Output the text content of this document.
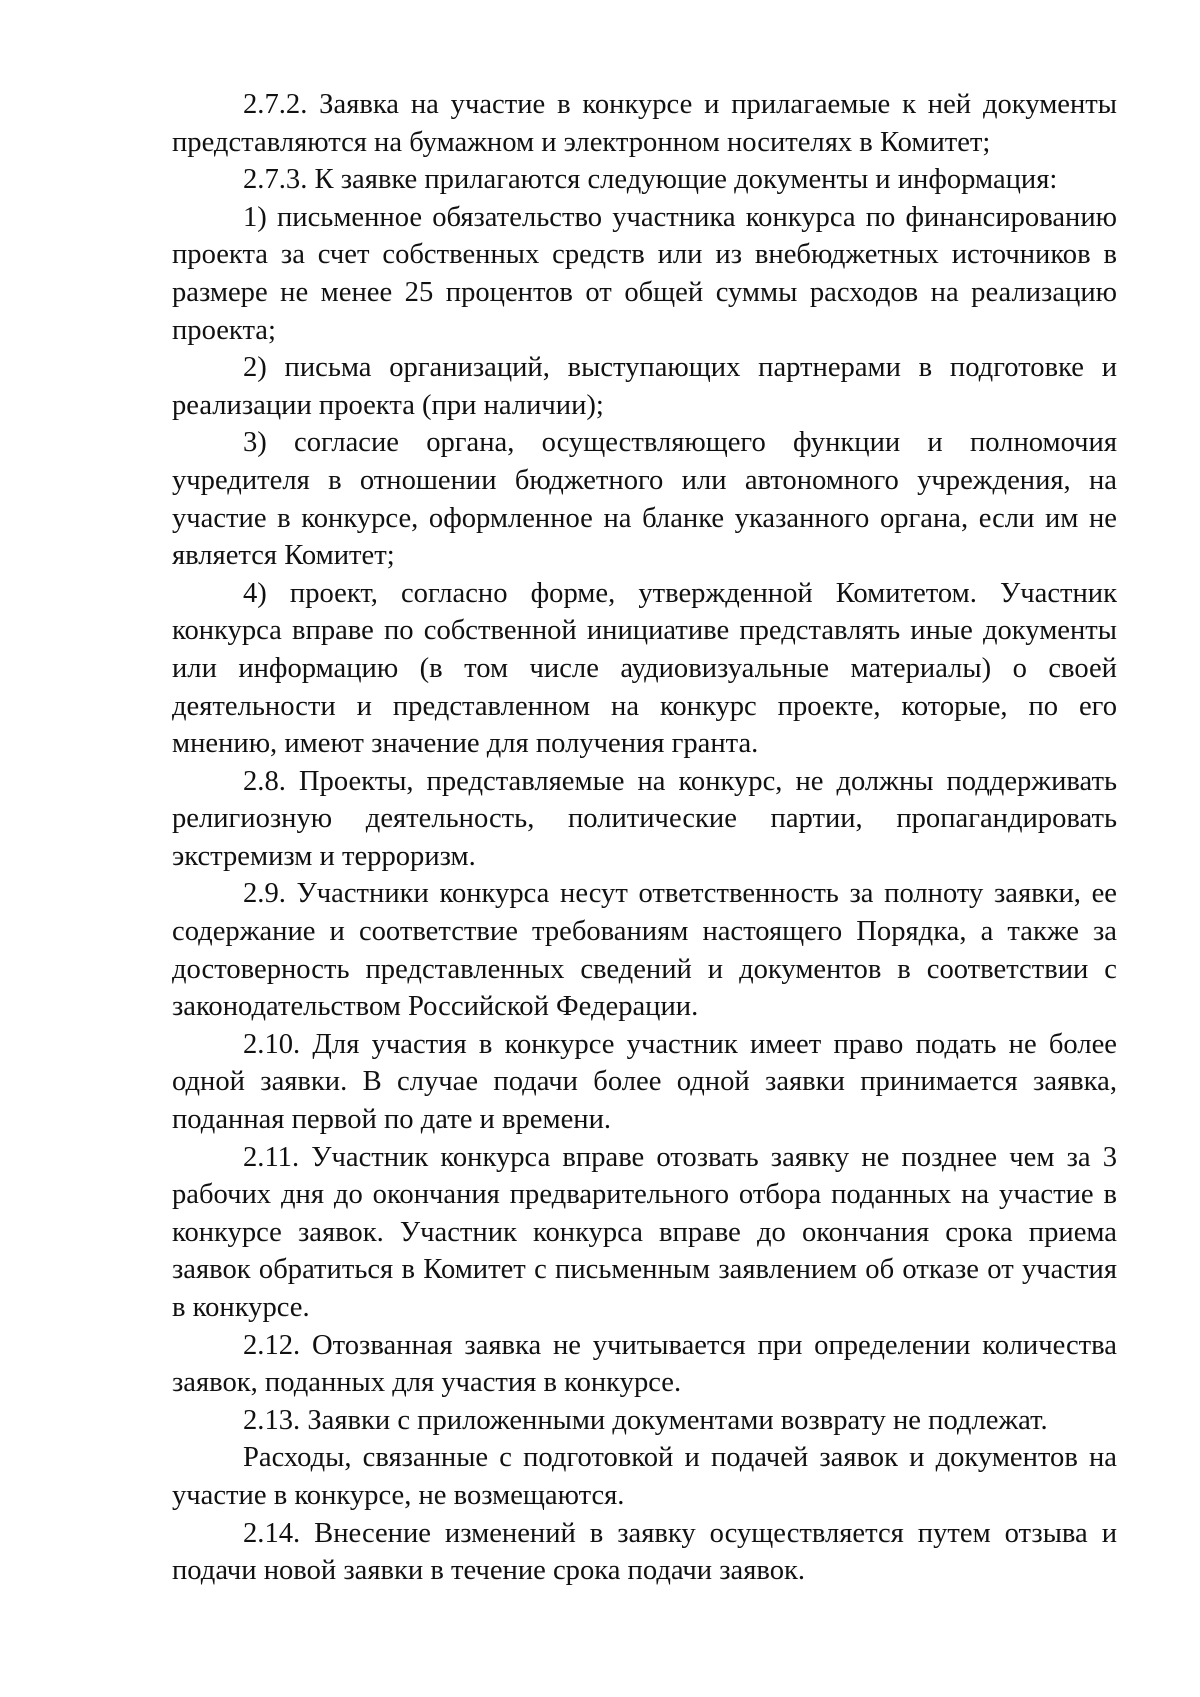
2.7.2. Заявка на участие в конкурсе и прилагаемые к ней документы представляются на бумажном и электронном носителях в Комитет;

2.7.3. К заявке прилагаются следующие документы и информация:

1) письменное обязательство участника конкурса по финансированию проекта за счет собственных средств или из внебюджетных источников в размере не менее 25 процентов от общей суммы расходов на реализацию проекта;

2) письма организаций, выступающих партнерами в подготовке и реализации проекта (при наличии);

3) согласие органа, осуществляющего функции и полномочия учредителя в отношении бюджетного или автономного учреждения, на участие в конкурсе, оформленное на бланке указанного органа, если им не является Комитет;

4) проект, согласно форме, утвержденной Комитетом. Участник конкурса вправе по собственной инициативе представлять иные документы или информацию (в том числе аудиовизуальные материалы) о своей деятельности и представленном на конкурс проекте, которые, по его мнению, имеют значение для получения гранта.

2.8. Проекты, представляемые на конкурс, не должны поддерживать религиозную деятельность, политические партии, пропагандировать экстремизм и терроризм.

2.9. Участники конкурса несут ответственность за полноту заявки, ее содержание и соответствие требованиям настоящего Порядка, а также за достоверность представленных сведений и документов в соответствии с законодательством Российской Федерации.

2.10. Для участия в конкурсе участник имеет право подать не более одной заявки. В случае подачи более одной заявки принимается заявка, поданная первой по дате и времени.

2.11. Участник конкурса вправе отозвать заявку не позднее чем за 3 рабочих дня до окончания предварительного отбора поданных на участие в конкурсе заявок. Участник конкурса вправе до окончания срока приема заявок обратиться в Комитет с письменным заявлением об отказе от участия в конкурсе.

2.12. Отозванная заявка не учитывается при определении количества заявок, поданных для участия в конкурсе.

2.13. Заявки с приложенными документами возврату не подлежат.

Расходы, связанные с подготовкой и подачей заявок и документов на участие в конкурсе, не возмещаются.

2.14. Внесение изменений в заявку осуществляется путем отзыва и подачи новой заявки в течение срока подачи заявок.
